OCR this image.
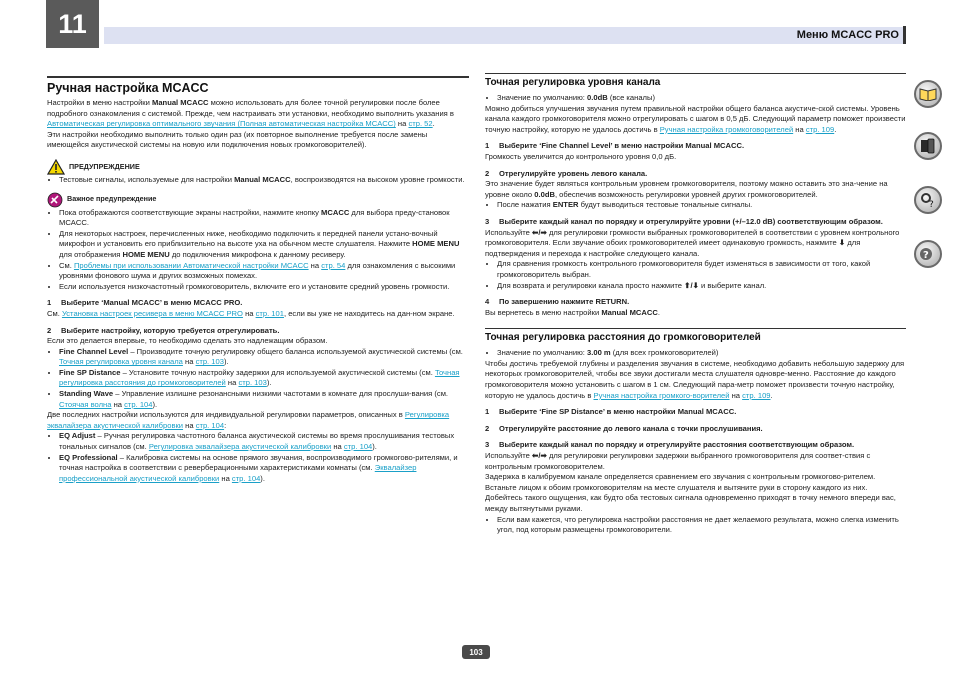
11	Меню MCACC PRO
Ручная настройка MCACC

Настройки в меню настройки Manual MCACC можно использовать для более точной регулировки после более подробного ознакомления с системой. Прежде, чем настраивать эти установки, необходимо выполнить указания в Автоматическая регулировка оптимального звучания (Полная автоматическая настройка MCACC) на стр. 52.

Эти настройки необходимо выполнить только один раз (их повторное выполнение требуется после замены имеющейся акустической системы на новую или подключения новых громкоговорителей).

ПРЕДУПРЕЖДЕНИЕ
• Тестовые сигналы, используемые для настройки Manual MCACC, воспроизводятся на высоком уровне громкости.
Важное предупреждение
• Пока отображаются соответствующие экраны настройки, нажмите кнопку MCACC для выбора преду-становок MCACC.
• Для некоторых настроек, перечисленных ниже, необходимо подключить к передней панели устано-вочный микрофон и установить его приблизительно на высоте уха на обычном месте слушателя. Нажмите HOME MENU для отображения HOME MENU до подключения микрофона к данному ресиверу.
• См. Проблемы при использовании Автоматической настройки MCACC на стр. 54 для ознакомления с высокими уровнями фонового шума и других возможных помехах.
• Если используется низкочастотный громкоговоритель, включите его и установите средний уровень громкости.

1 Выберите ‘Manual MCACC’ в меню MCACC PRO.

См. Установка настроек ресивера в меню MCACC PRO на стр. 101, если вы уже не находитесь на дан-ном экране.

2 Выберите настройку, которую требуется отрегулировать.

Если это делается впервые, то необходимо сделать это надлежащим образом.

• Fine Channel Level – Производите точную регулировку общего баланса используемой акустической системы (см. Точная регулировка уровня канала на стр. 103).
• Fine SP Distance – Установите точную настройку задержки для используемой акустической системы (см. Точная регулировка расстояния до громкоговорителей на стр. 103).
• Standing Wave – Управление излишне резонансными низкими частотами в комнате для прослуши-вания (см. Стоячая волна на стр. 104).

Две последних настройки используются для индивидуальной регулировки параметров, описанных в Регулировка эквалайзера акустической калибровки на стр. 104:

• EQ Adjust – Ручная регулировка частотного баланса акустической системы во время прослушивания тестовых тональных сигналов (см. Регулировка эквалайзера акустической калибровки на стр. 104).
• EQ Professional – Калибровка системы на основе прямого звучания, воспроизводимого громкогово-рителями, и точная настройка в соответствии с реверберационными характеристиками комнаты (см. Эквалайзер профессиональной акустической калибровки на стр. 104).
Точная регулировка уровня канала
• Значение по умолчанию: 0.0dB (все каналы)

Можно добиться улучшения звучания путем правильной настройки общего баланса акустиче-ской системы. Уровень канала каждого громкоговорителя можно отрегулировать с шагом в 0,5 дБ. Следующий параметр поможет произвести точную настройку, которую не удалось достичь в Ручная настройка громкоговорителей на стр. 109.

1 Выберите ‘Fine Channel Level’ в меню настройки Manual MCACC.

Громкость увеличится до контрольного уровня 0,0 дБ.

2 Отрегулируйте уровень левого канала.

Это значение будет являться контрольным уровнем громкоговорителя, поэтому можно оставить это зна-чение на уровне около 0.0dB, обеспечив возможность регулировки уровней других громкоговорителей.

• После нажатия ENTER будут выводиться тестовые тональные сигналы.

3 Выберите каждый канал по порядку и отрегулируйте уровни (+/–12.0 dB) соответствующим образом.

Используйте ⬅/➡ для регулировки громкости выбранных громкоговорителей в соответствии с уровнем контрольного громкоговорителя. Если звучание обоих громкоговорителей имеет одинаковую громкость, нажмите ⬇ для подтверждения и перехода к настройке следующего канала.

• Для сравнения громкость контрольного громкоговорителя будет изменяться в зависимости от того, какой громкоговоритель выбран.
• Для возврата и регулировки канала просто нажмите ⬆/⬇ и выберите канал.

4 По завершению нажмите RETURN.

Вы вернетесь в меню настройки Manual MCACC.

Точная регулировка расстояния до громкоговорителей
• Значение по умолчанию: 3.00 m (для всех громкоговорителей)

Чтобы достичь требуемой глубины и разделения звучания в системе, необходимо добавить небольшую задержку для некоторых громкоговорителей, чтобы все звуки достигали места слушателя одновре-менно. Расстояние до каждого громкоговорителя можно установить с шагом в 1 см. Следующий пара-метр поможет произвести точную настройку, которую не удалось достичь в Ручная настройка громкого-ворителей на стр. 109.

1 Выберите ‘Fine SP Distance’ в меню настройки Manual MCACC.

2 Отрегулируйте расстояние до левого канала с точки прослушивания.

3 Выберите каждый канал по порядку и отрегулируйте расстояния соответствующим образом.

Используйте ⬅/➡ для регулировки регулировки задержки выбранного громкоговорителя для соответ-ствия с контрольным громкоговорителем.

Задержка в калибруемом канале определяется сравнением его звучания с контрольным громкогово-рителем. Встаньте лицом к обоим громкоговорителям на месте слушателя и вытяните руки в сторону каждого из них. Добейтесь такого ощущения, как будто оба тестовых сигнала одновременно приходят в точку немного впереди вас, между вытянутыми руками.

• Если вам кажется, что регулировка настройки расстояния не дает желаемого результата, можно слегка изменить угол, под которым размещены громкоговорители.
?
?
103
